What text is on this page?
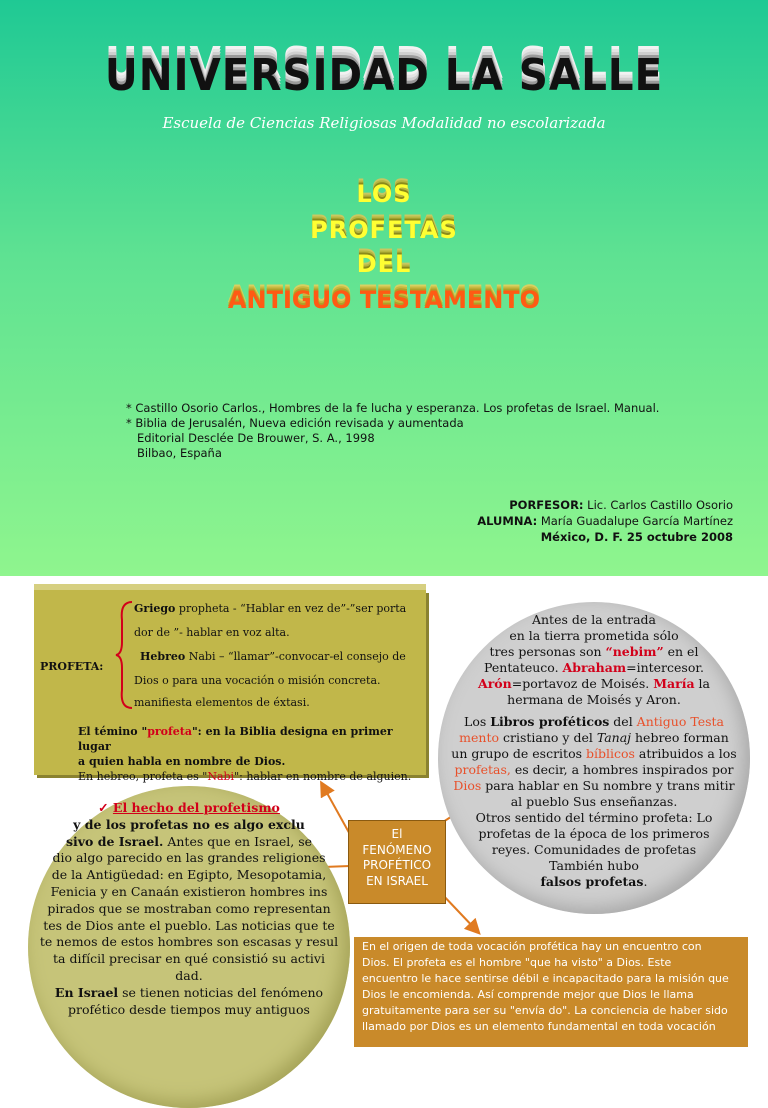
UNIVERSIDAD LA SALLE
Escuela de Ciencias Religiosas Modalidad no escolarizada
LOS
PROFETAS
DEL
ANTIGUO TESTAMENTO
* Castillo Osorio Carlos., Hombres de la fe lucha y esperanza. Los profetas de Israel. Manual.
* Biblia de Jerusalén, Nueva edición revisada y aumentada
Editorial Desclée De Brouwer, S. A., 1998
Bilbao, España
PORFESOR: Lic. Carlos Castillo Osorio
ALUMNA: María Guadalupe García Martínez
México, D. F. 25 octubre 2008
PROFETA:
Griego propheta - “Hablar en vez de”-”ser porta
dor de ”- hablar en voz alta.
Hebreo Nabi – “llamar”-convocar-el consejo de
Dios o para una vocación o misión concreta.
manifiesta elementos de éxtasi.
El témino "profeta": en la Biblia designa en primer lugar
a quien habla en nombre de Dios.
En hebreo, profeta es "Nabi": hablar en nombre de alguien.
Antes de la entrada
en la tierra prometida sólo
tres personas son “nebim” en el
Pentateuco. Abraham=intercesor.
Arón=portavoz de Moisés. María la
hermana de Moisés y Aron.
Los Libros proféticos del Antiguo Testa
mento cristiano y del Tanaj hebreo forman
un grupo de escritos bíblicos atribuidos a los
profetas, es decir, a hombres inspirados por
Dios para hablar en Su nombre y trans mitir
al pueblo Sus enseñanzas.
Otros sentido del término profeta: Lo
profetas de la época de los primeros
reyes. Comunidades de profetas
También hubo
falsos profetas.
✓ El hecho del profetismo
y de los profetas no es algo exclu
sivo de Israel. Antes que en Israel, se
dio algo parecido en las grandes religiones
de la Antigüedad: en Egipto, Mesopotamia,
Fenicia y en Canaán existieron hombres ins
pirados que se mostraban como representan
tes de Dios ante el pueblo. Las noticias que te
te nemos de estos hombres son escasas y resul
ta difícil precisar en qué consistió su activi
dad.
En Israel se tienen noticias del fenómeno
profético desde tiempos muy antiguos
El
FENÓMENO
PROFÉTICO
EN ISRAEL
En el origen de toda vocación profética hay un encuentro con
Dios. El profeta es el hombre "que ha visto" a Dios. Este
encuentro le hace sentirse débil e incapacitado para la misión que
Dios le encomienda. Así comprende mejor que Dios le llama
gratuitamente para ser su "envía do". La conciencia de haber sido
llamado por Dios es un elemento fundamental en toda vocación
